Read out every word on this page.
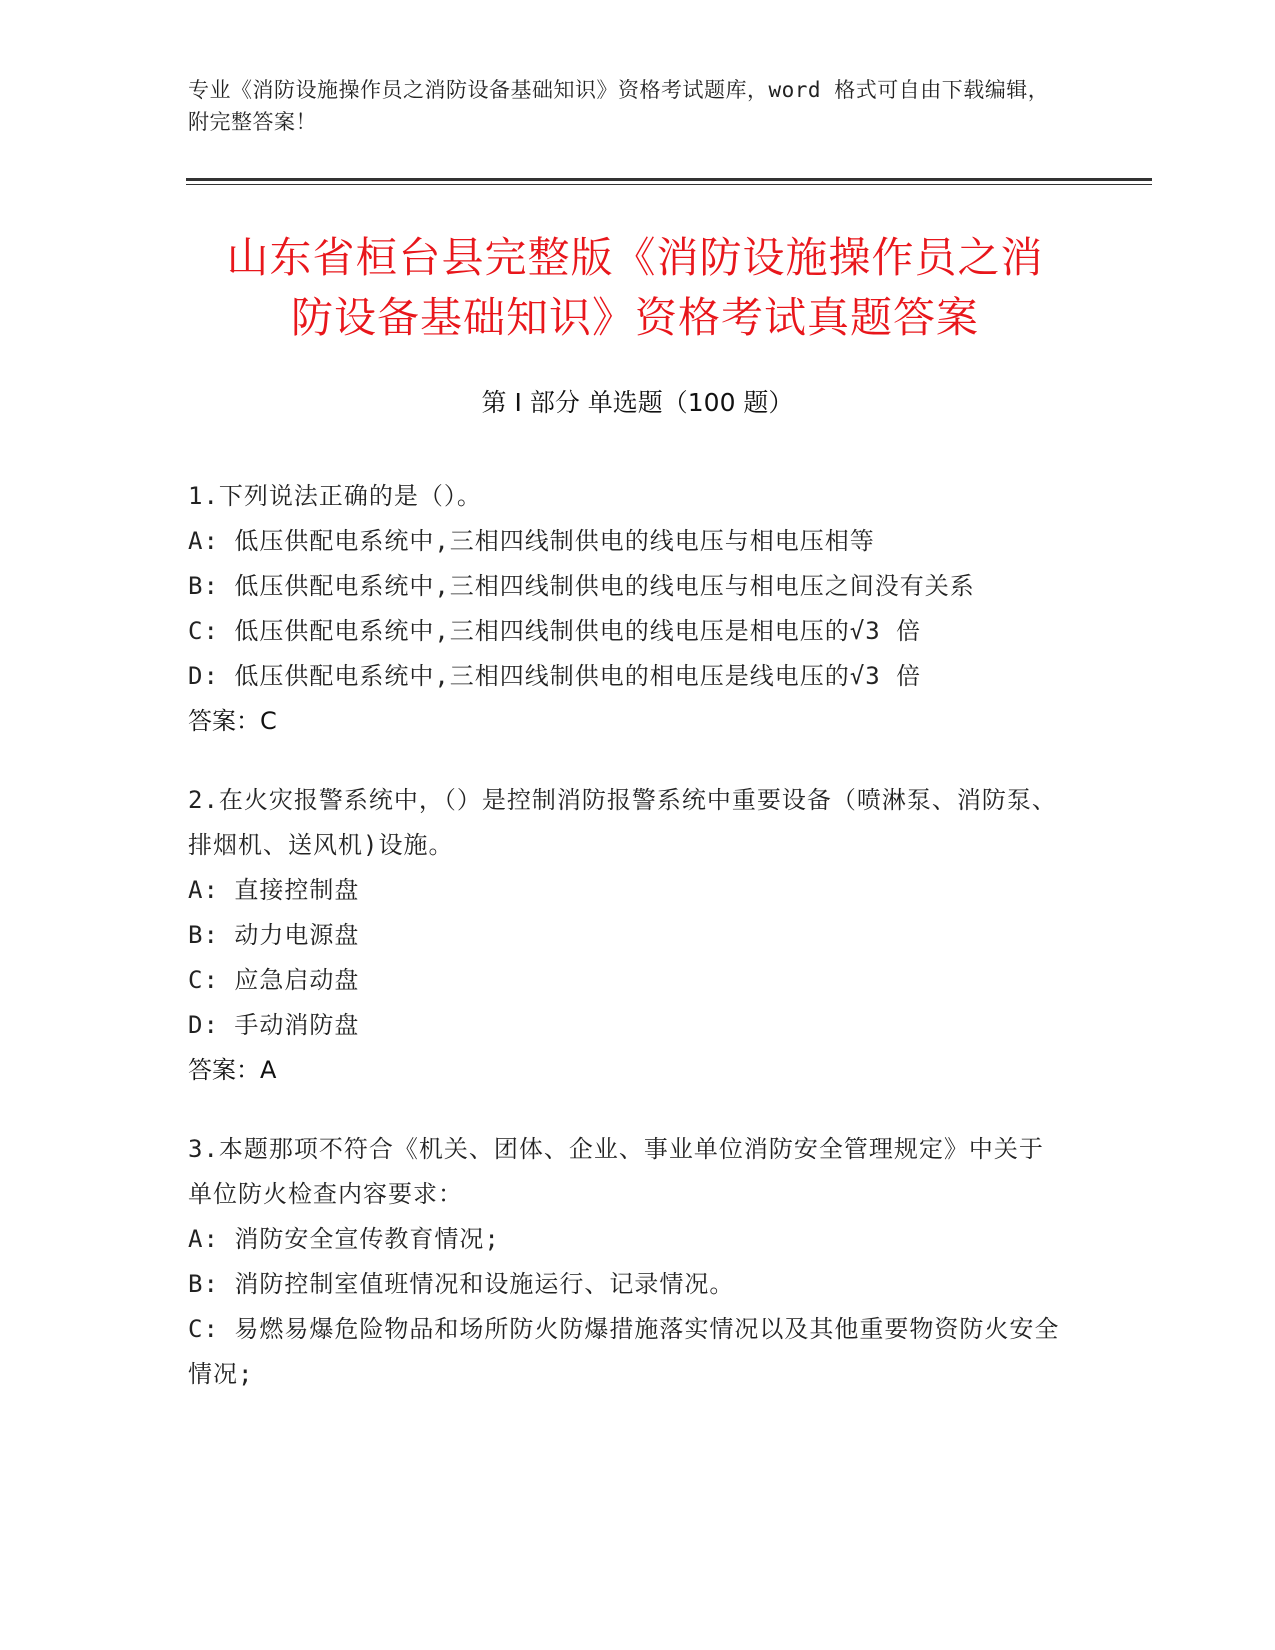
专业《消防设施操作员之消防设备基础知识》资格考试题库，word 格式可自由下载编辑，附完整答案！
山东省桓台县完整版《消防设施操作员之消
防设备基础知识》资格考试真题答案
第 I 部分 单选题（100 题）

1.下列说法正确的是（）。

A: 低压供配电系统中,三相四线制供电的线电压与相电压相等

B: 低压供配电系统中,三相四线制供电的线电压与相电压之间没有关系

C: 低压供配电系统中,三相四线制供电的线电压是相电压的√3 倍

D: 低压供配电系统中,三相四线制供电的相电压是线电压的√3 倍

答案：C

2.在火灾报警系统中，（）是控制消防报警系统中重要设备（喷淋泵、消防泵、排烟机、送风机)设施。

A: 直接控制盘

B: 动力电源盘

C: 应急启动盘

D: 手动消防盘

答案：A

3.本题那项不符合《机关、团体、企业、事业单位消防安全管理规定》中关于单位防火检查内容要求：

A: 消防安全宣传教育情况;

B: 消防控制室值班情况和设施运行、记录情况。

C: 易燃易爆危险物品和场所防火防爆措施落实情况以及其他重要物资防火安全情况;
